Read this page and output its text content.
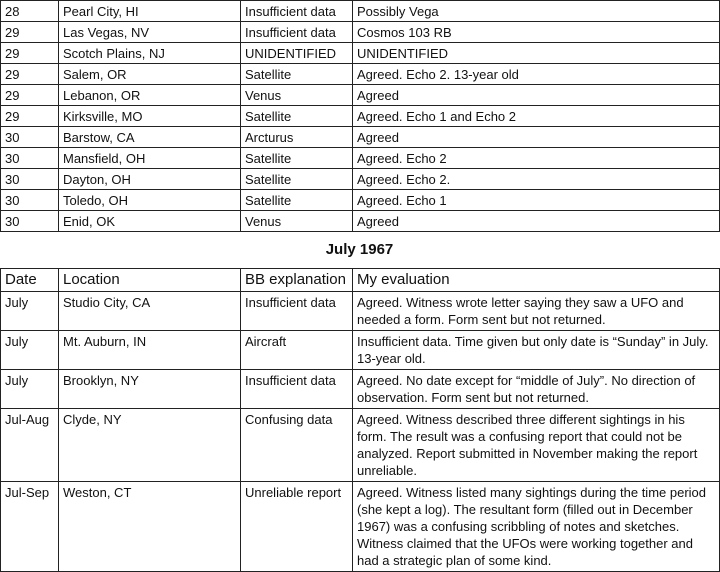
28	Pearl City, HI	Insufficient data	Possibly Vega
29	Las Vegas, NV	Insufficient data	Cosmos 103 RB
29	Scotch Plains, NJ	UNIDENTIFIED	UNIDENTIFIED
29	Salem, OR	Satellite	Agreed. Echo 2. 13-year old
29	Lebanon, OR	Venus	Agreed
29	Kirksville, MO	Satellite	Agreed. Echo 1 and Echo 2
30	Barstow, CA	Arcturus	Agreed
30	Mansfield, OH	Satellite	Agreed. Echo 2
30	Dayton, OH	Satellite	Agreed. Echo 2.
30	Toledo, OH	Satellite	Agreed. Echo 1
30	Enid, OK	Venus	Agreed
July 1967
Date	Location	BB explanation	My evaluation
July	Studio City, CA	Insufficient data	Agreed. Witness wrote letter saying they saw a UFO and needed a form. Form sent but not returned.
July	Mt. Auburn, IN	Aircraft	Insufficient data. Time given but only date is “Sunday” in July. 13-year old.
July	Brooklyn, NY	Insufficient data	Agreed. No date except for “middle of July”. No direction of observation. Form sent but not returned.
Jul-Aug	Clyde, NY	Confusing data	Agreed. Witness described three different sightings in his form. The result was a confusing report that could not be analyzed. Report submitted in November making the report unreliable.
Jul-Sep	Weston, CT	Unreliable report	Agreed. Witness listed many sightings during the time period (she kept a log). The resultant form (filled out in December 1967) was a confusing scribbling of notes and sketches. Witness claimed that the UFOs were working together and had a strategic plan of some kind.
